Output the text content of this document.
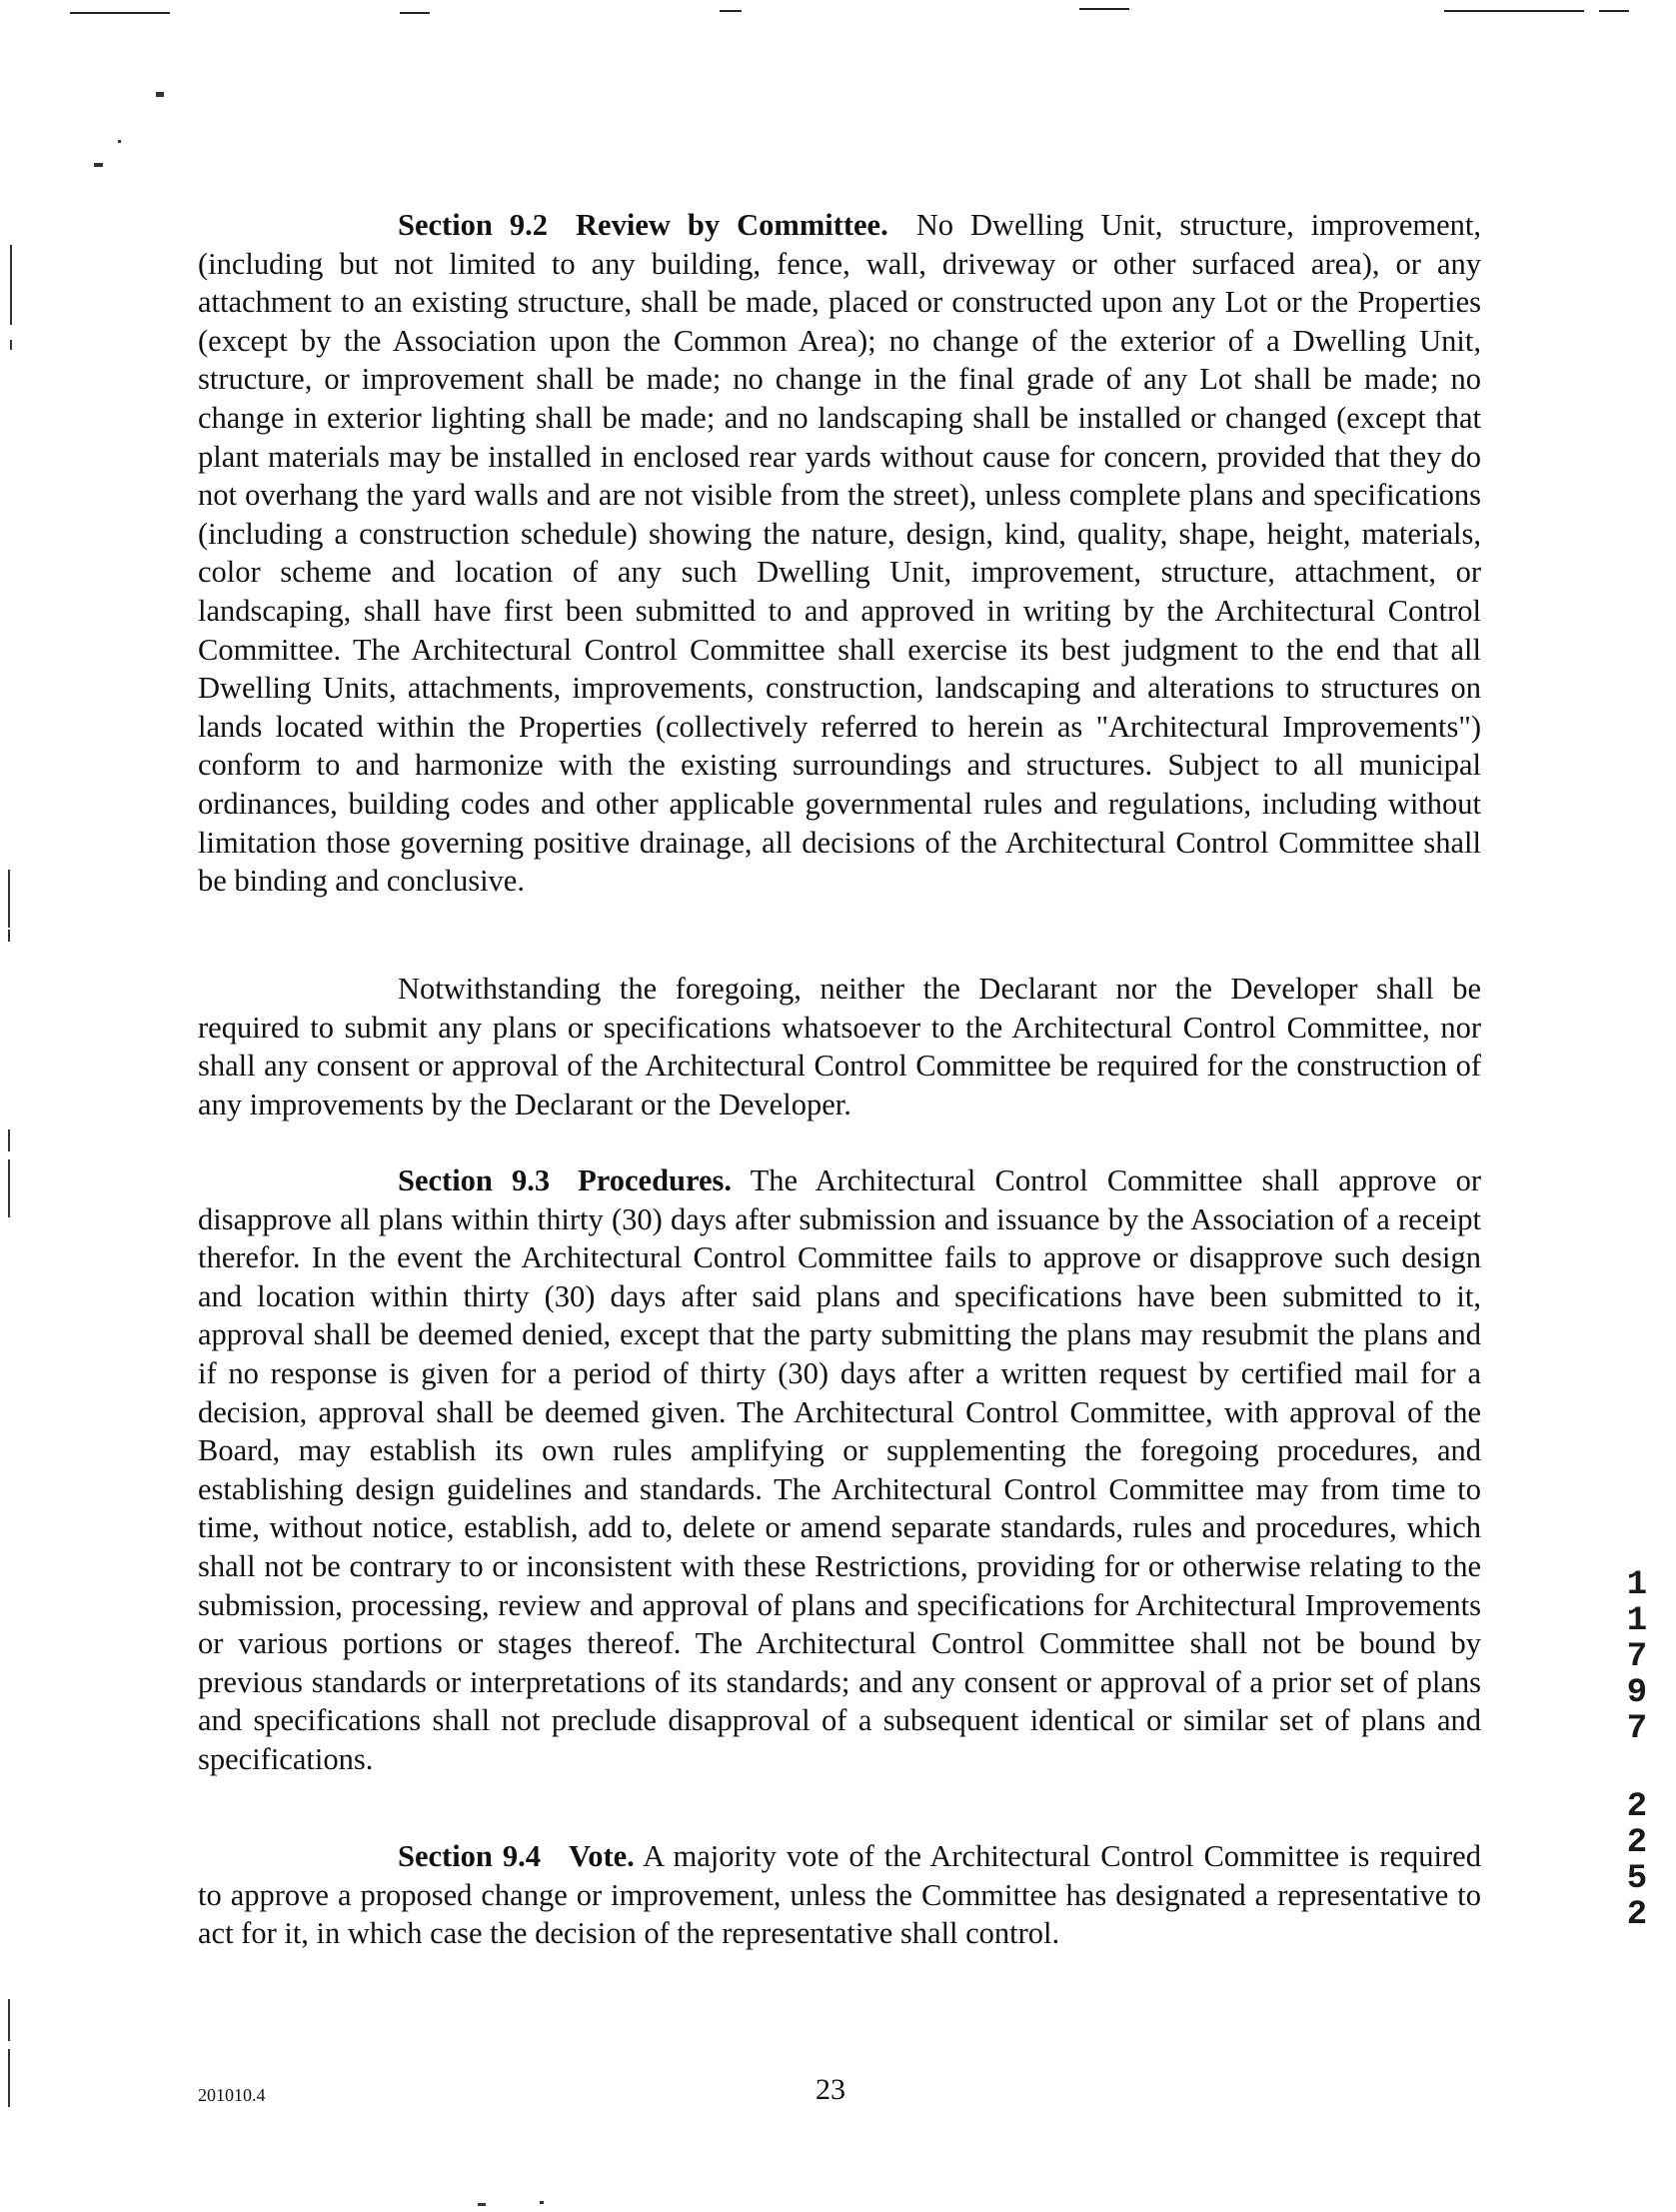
Section 9.2 Review by Committee. No Dwelling Unit, structure, improvement, (including but not limited to any building, fence, wall, driveway or other surfaced area), or any attachment to an existing structure, shall be made, placed or constructed upon any Lot or the Properties (except by the Association upon the Common Area); no change of the exterior of a Dwelling Unit, structure, or improvement shall be made; no change in the final grade of any Lot shall be made; no change in exterior lighting shall be made; and no landscaping shall be installed or changed (except that plant materials may be installed in enclosed rear yards without cause for concern, provided that they do not overhang the yard walls and are not visible from the street), unless complete plans and specifications (including a construction schedule) showing the nature, design, kind, quality, shape, height, materials, color scheme and location of any such Dwelling Unit, improvement, structure, attachment, or landscaping, shall have first been submitted to and approved in writing by the Architectural Control Committee. The Architectural Control Committee shall exercise its best judgment to the end that all Dwelling Units, attachments, improvements, construction, landscaping and alterations to structures on lands located within the Properties (collectively referred to herein as "Architectural Improvements") conform to and harmonize with the existing surroundings and structures. Subject to all municipal ordinances, building codes and other applicable governmental rules and regulations, including without limitation those governing positive drainage, all decisions of the Architectural Control Committee shall be binding and conclusive.

Notwithstanding the foregoing, neither the Declarant nor the Developer shall be required to submit any plans or specifications whatsoever to the Architectural Control Committee, nor shall any consent or approval of the Architectural Control Committee be required for the construction of any improvements by the Declarant or the Developer.

Section 9.3 Procedures. The Architectural Control Committee shall approve or disapprove all plans within thirty (30) days after submission and issuance by the Association of a receipt therefor. In the event the Architectural Control Committee fails to approve or disapprove such design and location within thirty (30) days after said plans and specifications have been submitted to it, approval shall be deemed denied, except that the party submitting the plans may resubmit the plans and if no response is given for a period of thirty (30) days after a written request by certified mail for a decision, approval shall be deemed given. The Architectural Control Committee, with approval of the Board, may establish its own rules amplifying or supplementing the foregoing procedures, and establishing design guidelines and standards. The Architectural Control Committee may from time to time, without notice, establish, add to, delete or amend separate standards, rules and procedures, which shall not be contrary to or inconsistent with these Restrictions, providing for or otherwise relating to the submission, processing, review and approval of plans and specifications for Architectural Improvements or various portions or stages thereof. The Architectural Control Committee shall not be bound by previous standards or interpretations of its standards; and any consent or approval of a prior set of plans and specifications shall not preclude disapproval of a subsequent identical or similar set of plans and specifications.

Section 9.4 Vote. A majority vote of the Architectural Control Committee is required to approve a proposed change or improvement, unless the Committee has designated a representative to act for it, in which case the decision of the representative shall control.

1
1
7
9
7
2
2
5
2
201010.4	23
